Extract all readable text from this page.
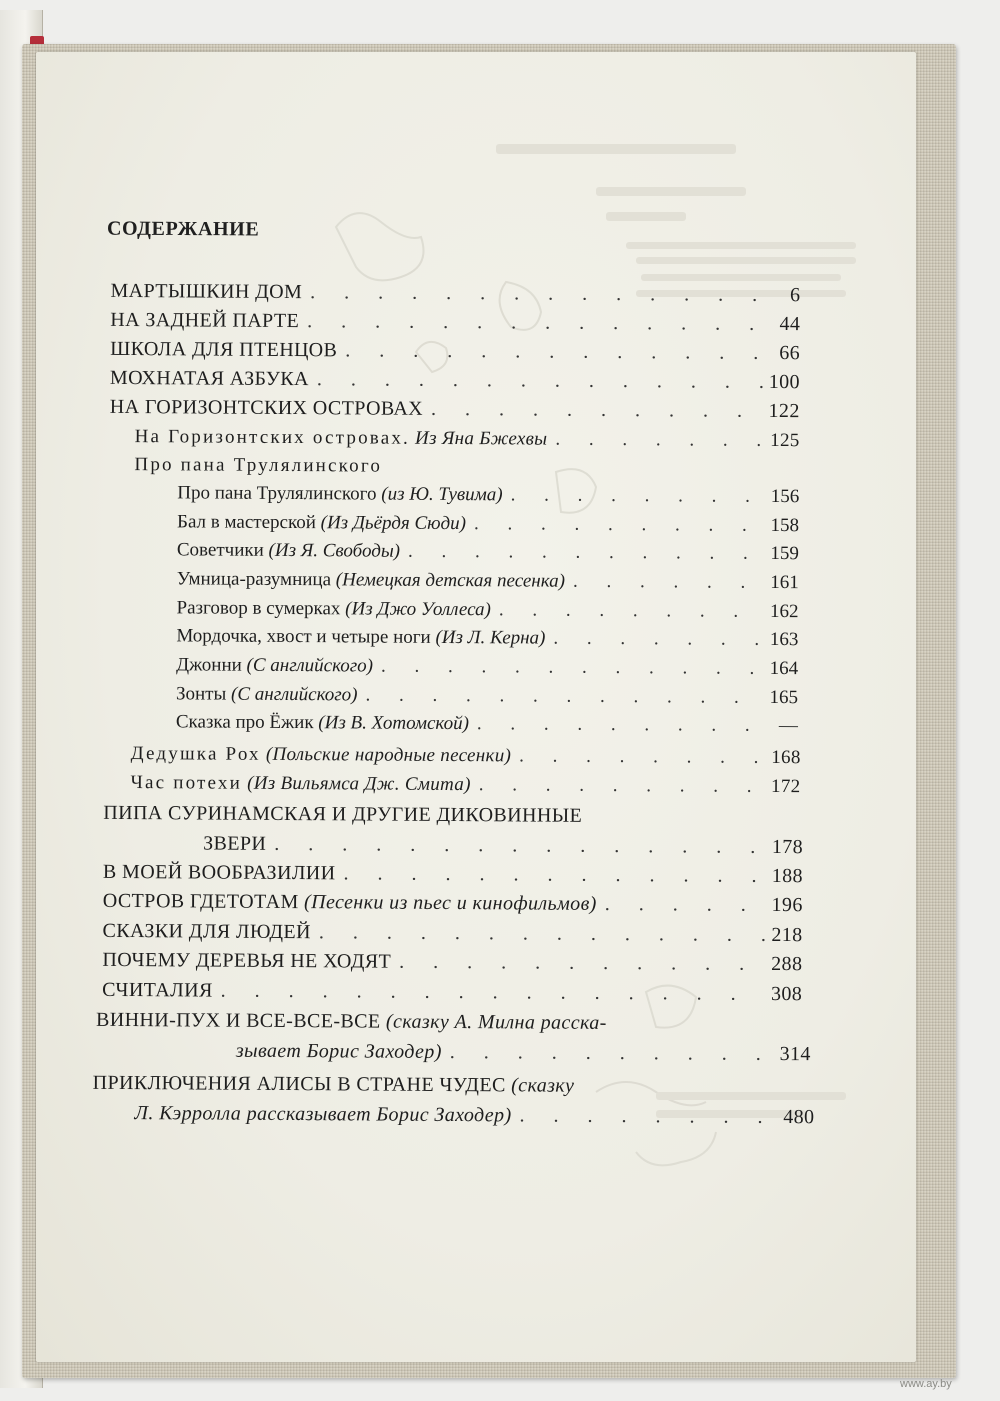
СОДЕРЖАНИЕ
МАРТЫШКИН ДОМ . . .	6
НА ЗАДНЕЙ ПАРТЕ . . .	44
ШКОЛА ДЛЯ ПТЕНЦОВ . . .	66
МОХНАТАЯ АЗБУКА . . .	100
НА ГОРИЗОНТСКИХ ОСТРОВАХ . . .	122
На Горизонтских островах. Из Яна Бжехвы . . .	125
Про пана Трулялинского
Про пана Трулялинского (из Ю. Тувима) . . .	156
Бал в мастерской (Из Дьёрдя Сюди) . . .	158
Советчики (Из Я. Свободы) . . .	159
Умница-разумница (Немецкая детская песенка) . . .	161
Разговор в сумерках (Из Джо Уоллеса) . . .	162
Мордочка, хвост и четыре ноги (Из Л. Керна) . . .	163
Джонни (С английского) . . .	164
Зонты (С английского) . . .	165
Сказка про Ёжик (Из В. Хотомской) . . .	—
Дедушка Рох (Польские народные песенки) . . .	168
Час потехи (Из Вильямса Дж. Смита) . . .	172
ПИПА СУРИНАМСКАЯ И ДРУГИЕ ДИКОВИННЫЕ
ЗВЕРИ . . .	178
В МОЕЙ ВООБРАЗИЛИИ . . .	188
ОСТРОВ ГДЕТОТАМ (Песенки из пьес и кинофильмов) . . .	196
СКАЗКИ ДЛЯ ЛЮДЕЙ . . .	218
ПОЧЕМУ ДЕРЕВЬЯ НЕ ХОДЯТ . . .	288
СЧИТАЛИЯ . . .	308
ВИННИ-ПУХ И ВСЕ-ВСЕ-ВСЕ (сказку А. Милна расска-
зывает Борис Заходер) . . .	314
ПРИКЛЮЧЕНИЯ АЛИСЫ В СТРАНЕ ЧУДЕС (сказку
Л. Кэрролла рассказывает Борис Заходер) . . .	480
www.ay.by
